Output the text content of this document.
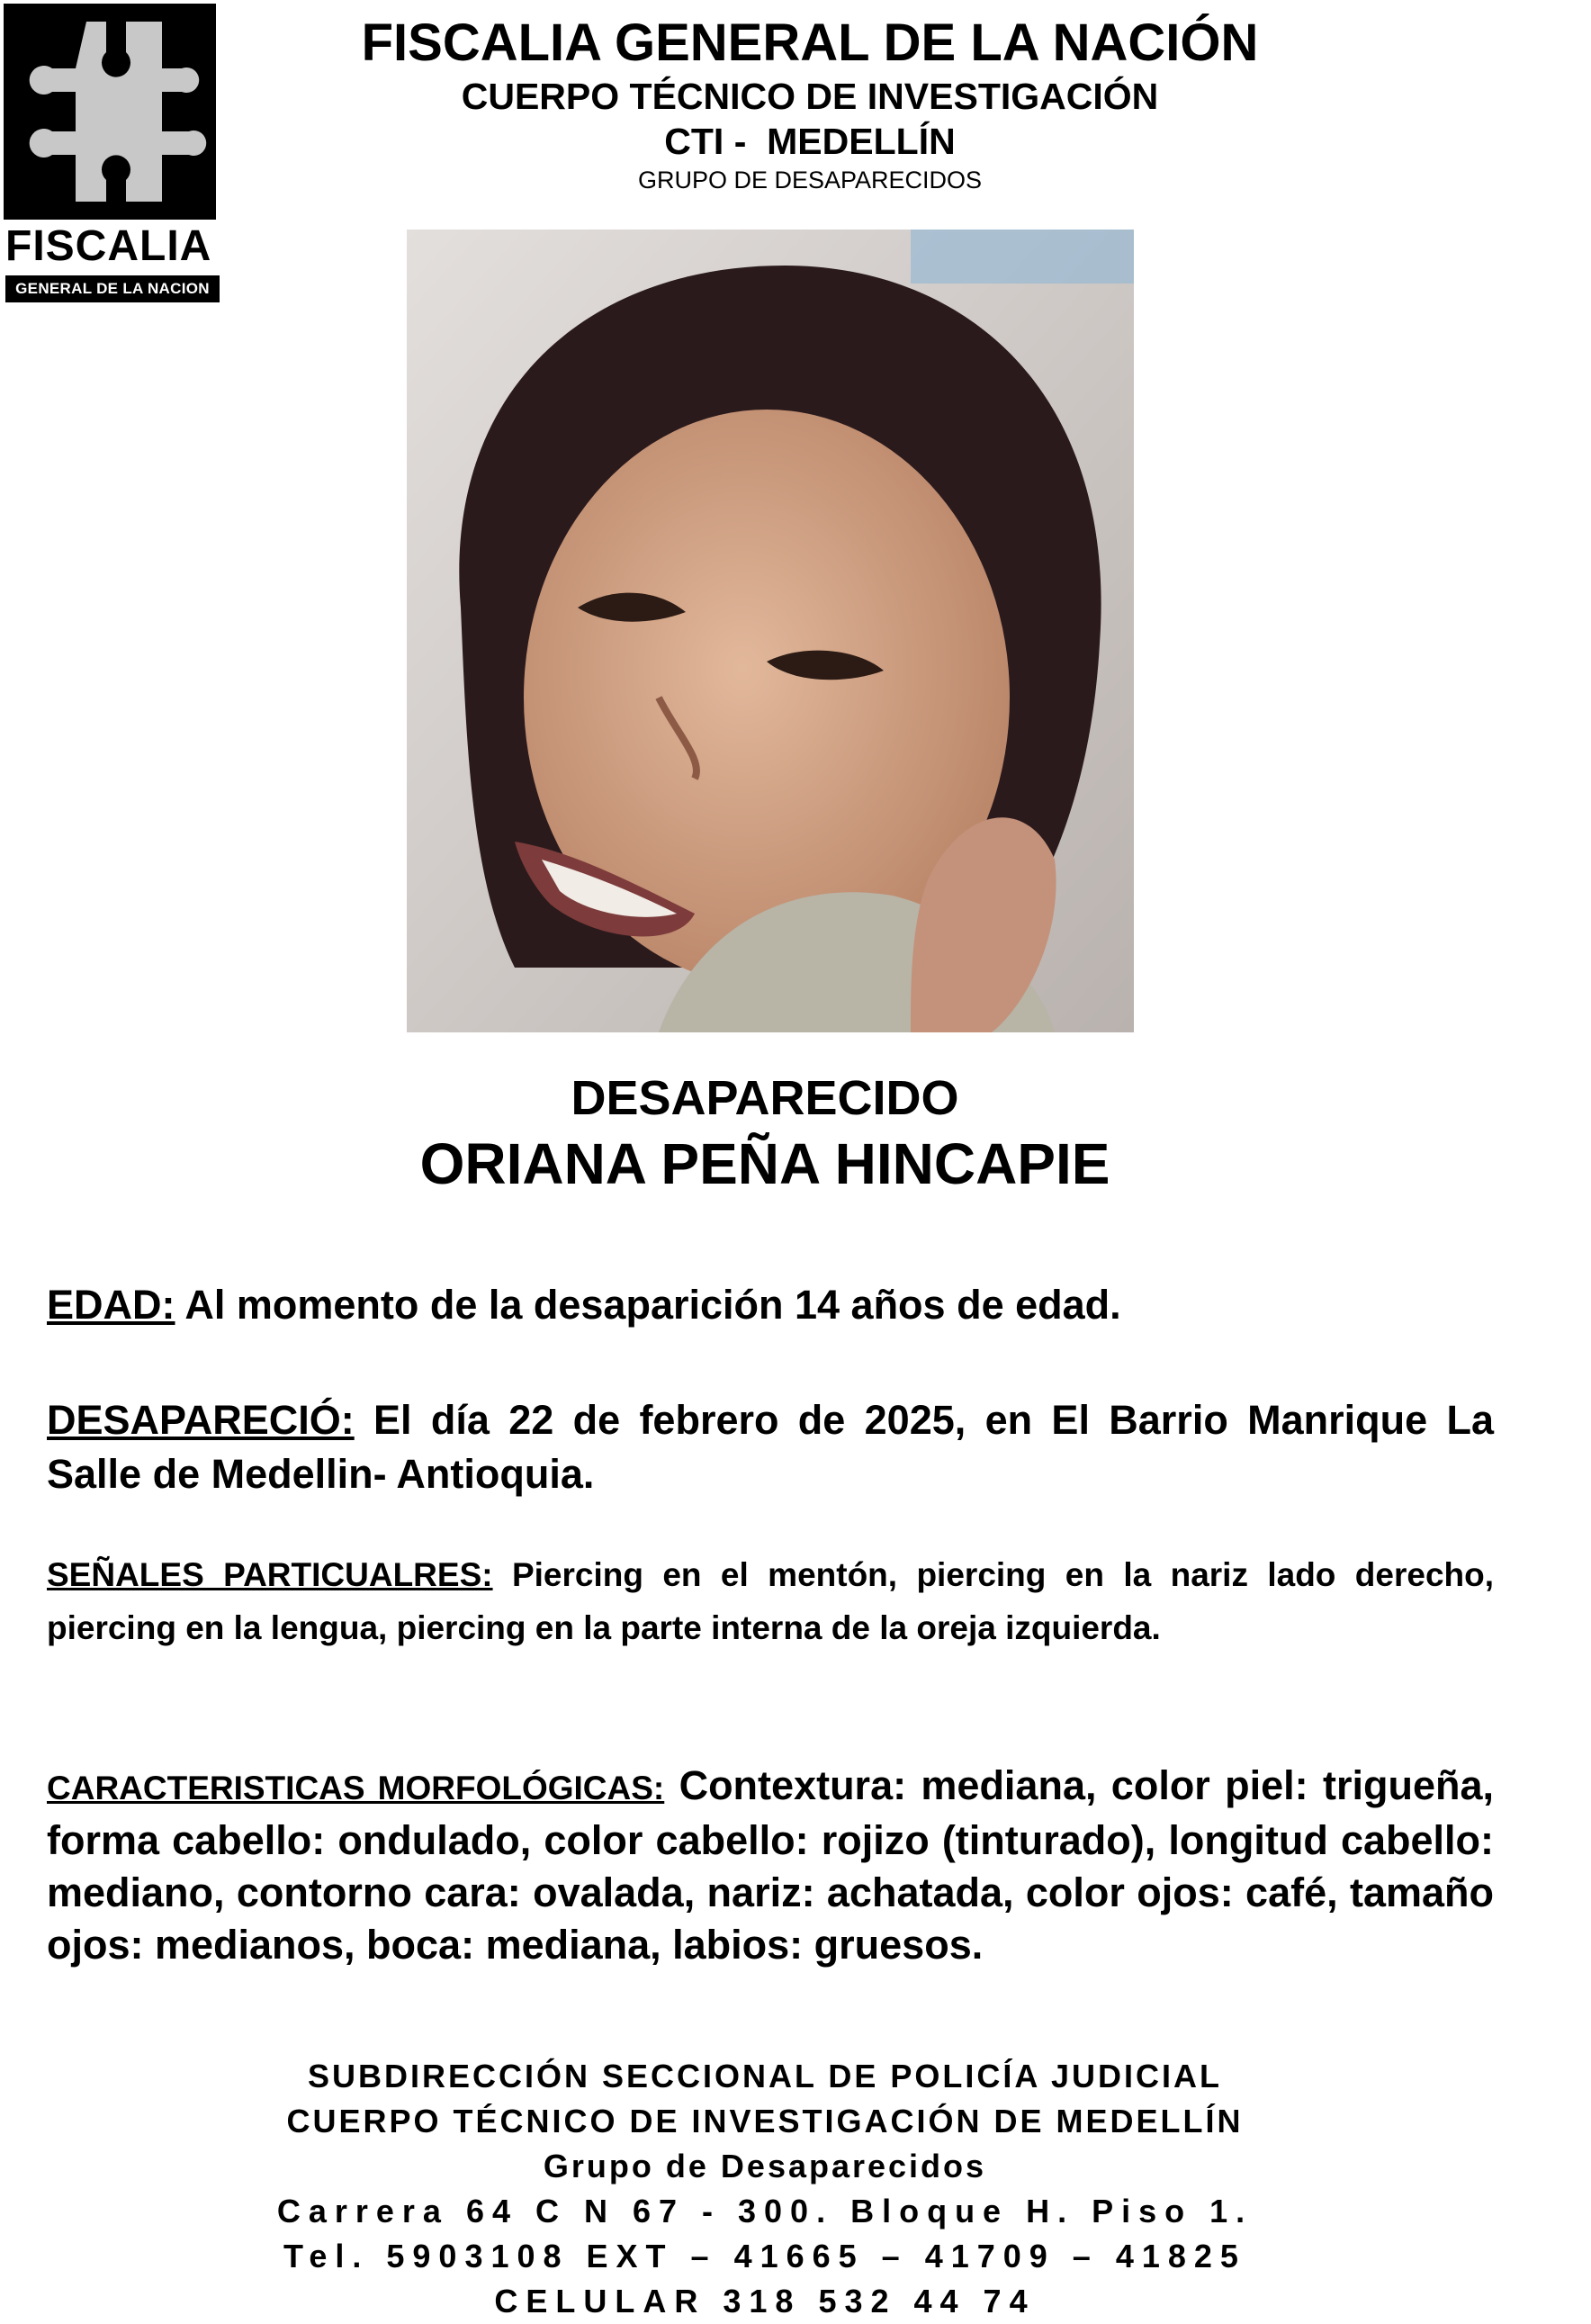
FISCALIA
GENERAL DE LA NACION
FISCALIA GENERAL DE LA NACIÓN
CUERPO TÉCNICO DE INVESTIGACIÓN
CTI -  MEDELLÍN
GRUPO DE DESAPARECIDOS
DESAPARECIDO
ORIANA PEÑA HINCAPIE
EDAD: Al momento de la desaparición 14 años de edad.
DESAPARECIÓ: El día 22 de febrero de 2025, en El Barrio Manrique La Salle de Medellin- Antioquia.
SEÑALES PARTICUALRES: Piercing en el mentón, piercing en la nariz lado derecho, piercing en la lengua, piercing en la parte interna de la oreja izquierda.
CARACTERISTICAS MORFOLÓGICAS: Contextura: mediana, color piel: trigueña, forma cabello: ondulado, color cabello: rojizo (tinturado), longitud cabello: mediano, contorno cara: ovalada, nariz: achatada, color ojos: café, tamaño ojos: medianos, boca: mediana, labios: gruesos.
SUBDIRECCIÓN SECCIONAL DE POLICÍA JUDICIAL
CUERPO TÉCNICO DE INVESTIGACIÓN DE MEDELLÍN
Grupo de Desaparecidos
Carrera 64 C N 67 - 300. Bloque H. Piso 1.
Tel. 5903108 EXT – 41665 – 41709 – 41825
CELULAR 318 532 44 74
